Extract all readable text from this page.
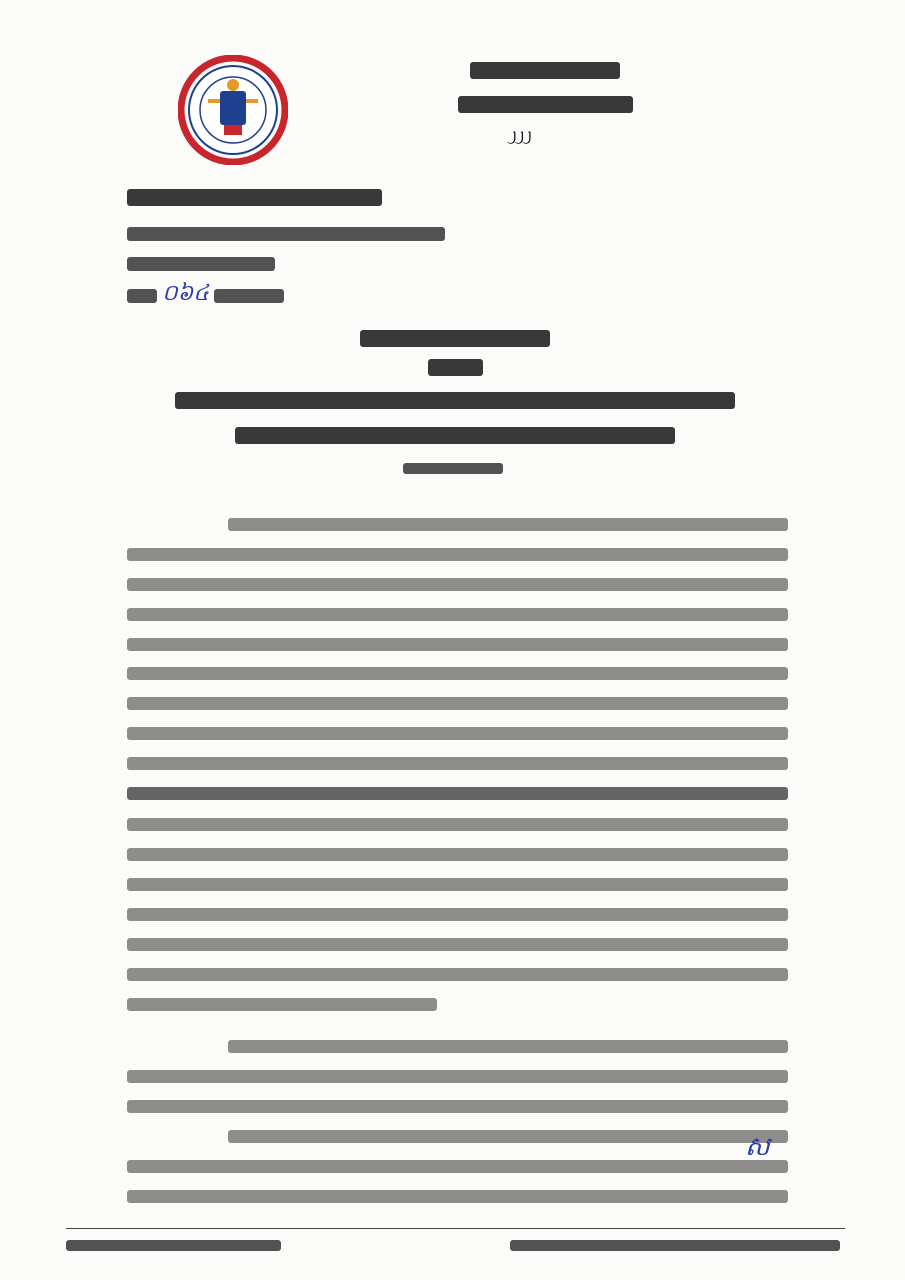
᧒᧒᧒
០៦៤
ស
